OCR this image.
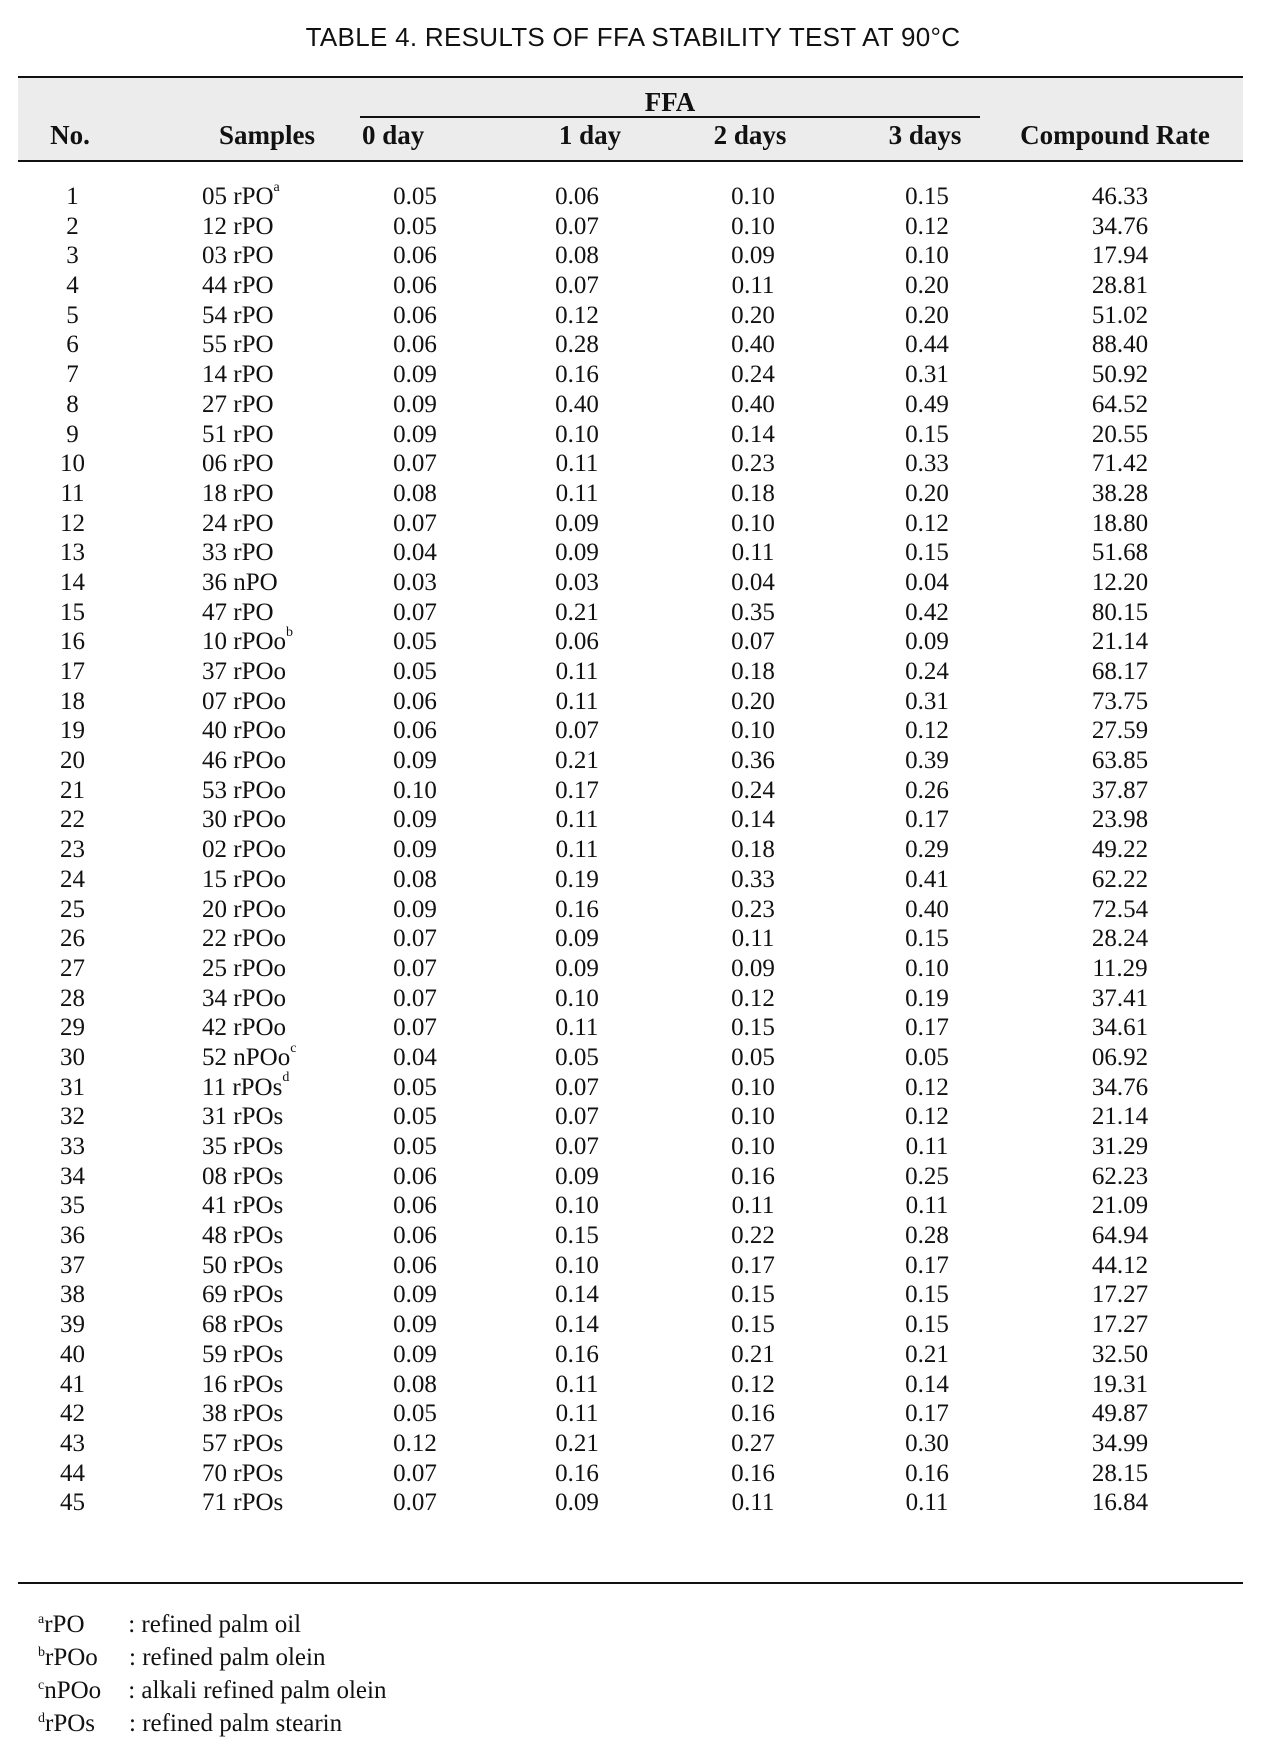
TABLE 4. RESULTS OF FFA STABILITY TEST AT 90°C
FFA
No.	Samples	0 day	1 day	2 days	3 days	Compound Rate
1	05 rPO$^a$	0.05	0.06	0.10	0.15	46.33
2	12 rPO	0.05	0.07	0.10	0.12	34.76
3	03 rPO	0.06	0.08	0.09	0.10	17.94
4	44 rPO	0.06	0.07	0.11	0.20	28.81
5	54 rPO	0.06	0.12	0.20	0.20	51.02
6	55 rPO	0.06	0.28	0.40	0.44	88.40
7	14 rPO	0.09	0.16	0.24	0.31	50.92
8	27 rPO	0.09	0.40	0.40	0.49	64.52
9	51 rPO	0.09	0.10	0.14	0.15	20.55
10	06 rPO	0.07	0.11	0.23	0.33	71.42
11	18 rPO	0.08	0.11	0.18	0.20	38.28
12	24 rPO	0.07	0.09	0.10	0.12	18.80
13	33 rPO	0.04	0.09	0.11	0.15	51.68
14	36 nPO	0.03	0.03	0.04	0.04	12.20
15	47 rPO	0.07	0.21	0.35	0.42	80.15
16	10 rPOo$^b$	0.05	0.06	0.07	0.09	21.14
17	37 rPOo	0.05	0.11	0.18	0.24	68.17
18	07 rPOo	0.06	0.11	0.20	0.31	73.75
19	40 rPOo	0.06	0.07	0.10	0.12	27.59
20	46 rPOo	0.09	0.21	0.36	0.39	63.85
21	53 rPOo	0.10	0.17	0.24	0.26	37.87
22	30 rPOo	0.09	0.11	0.14	0.17	23.98
23	02 rPOo	0.09	0.11	0.18	0.29	49.22
24	15 rPOo	0.08	0.19	0.33	0.41	62.22
25	20 rPOo	0.09	0.16	0.23	0.40	72.54
26	22 rPOo	0.07	0.09	0.11	0.15	28.24
27	25 rPOo	0.07	0.09	0.09	0.10	11.29
28	34 rPOo	0.07	0.10	0.12	0.19	37.41
29	42 rPOo	0.07	0.11	0.15	0.17	34.61
30	52 nPOo$^c$	0.04	0.05	0.05	0.05	06.92
31	11 rPOs$^d$	0.05	0.07	0.10	0.12	34.76
32	31 rPOs	0.05	0.07	0.10	0.12	21.14
33	35 rPOs	0.05	0.07	0.10	0.11	31.29
34	08 rPOs	0.06	0.09	0.16	0.25	62.23
35	41 rPOs	0.06	0.10	0.11	0.11	21.09
36	48 rPOs	0.06	0.15	0.22	0.28	64.94
37	50 rPOs	0.06	0.10	0.17	0.17	44.12
38	69 rPOs	0.09	0.14	0.15	0.15	17.27
39	68 rPOs	0.09	0.14	0.15	0.15	17.27
40	59 rPOs	0.09	0.16	0.21	0.21	32.50
41	16 rPOs	0.08	0.11	0.12	0.14	19.31
42	38 rPOs	0.05	0.11	0.16	0.17	49.87
43	57 rPOs	0.12	0.21	0.27	0.30	34.99
44	70 rPOs	0.07	0.16	0.16	0.16	28.15
45	71 rPOs	0.07	0.09	0.11	0.11	16.84
$^a$rPO : refined palm oil
$^b$rPOo : refined palm olein
$^c$nPOo : alkali refined palm olein
$^d$rPOs : refined palm stearin
